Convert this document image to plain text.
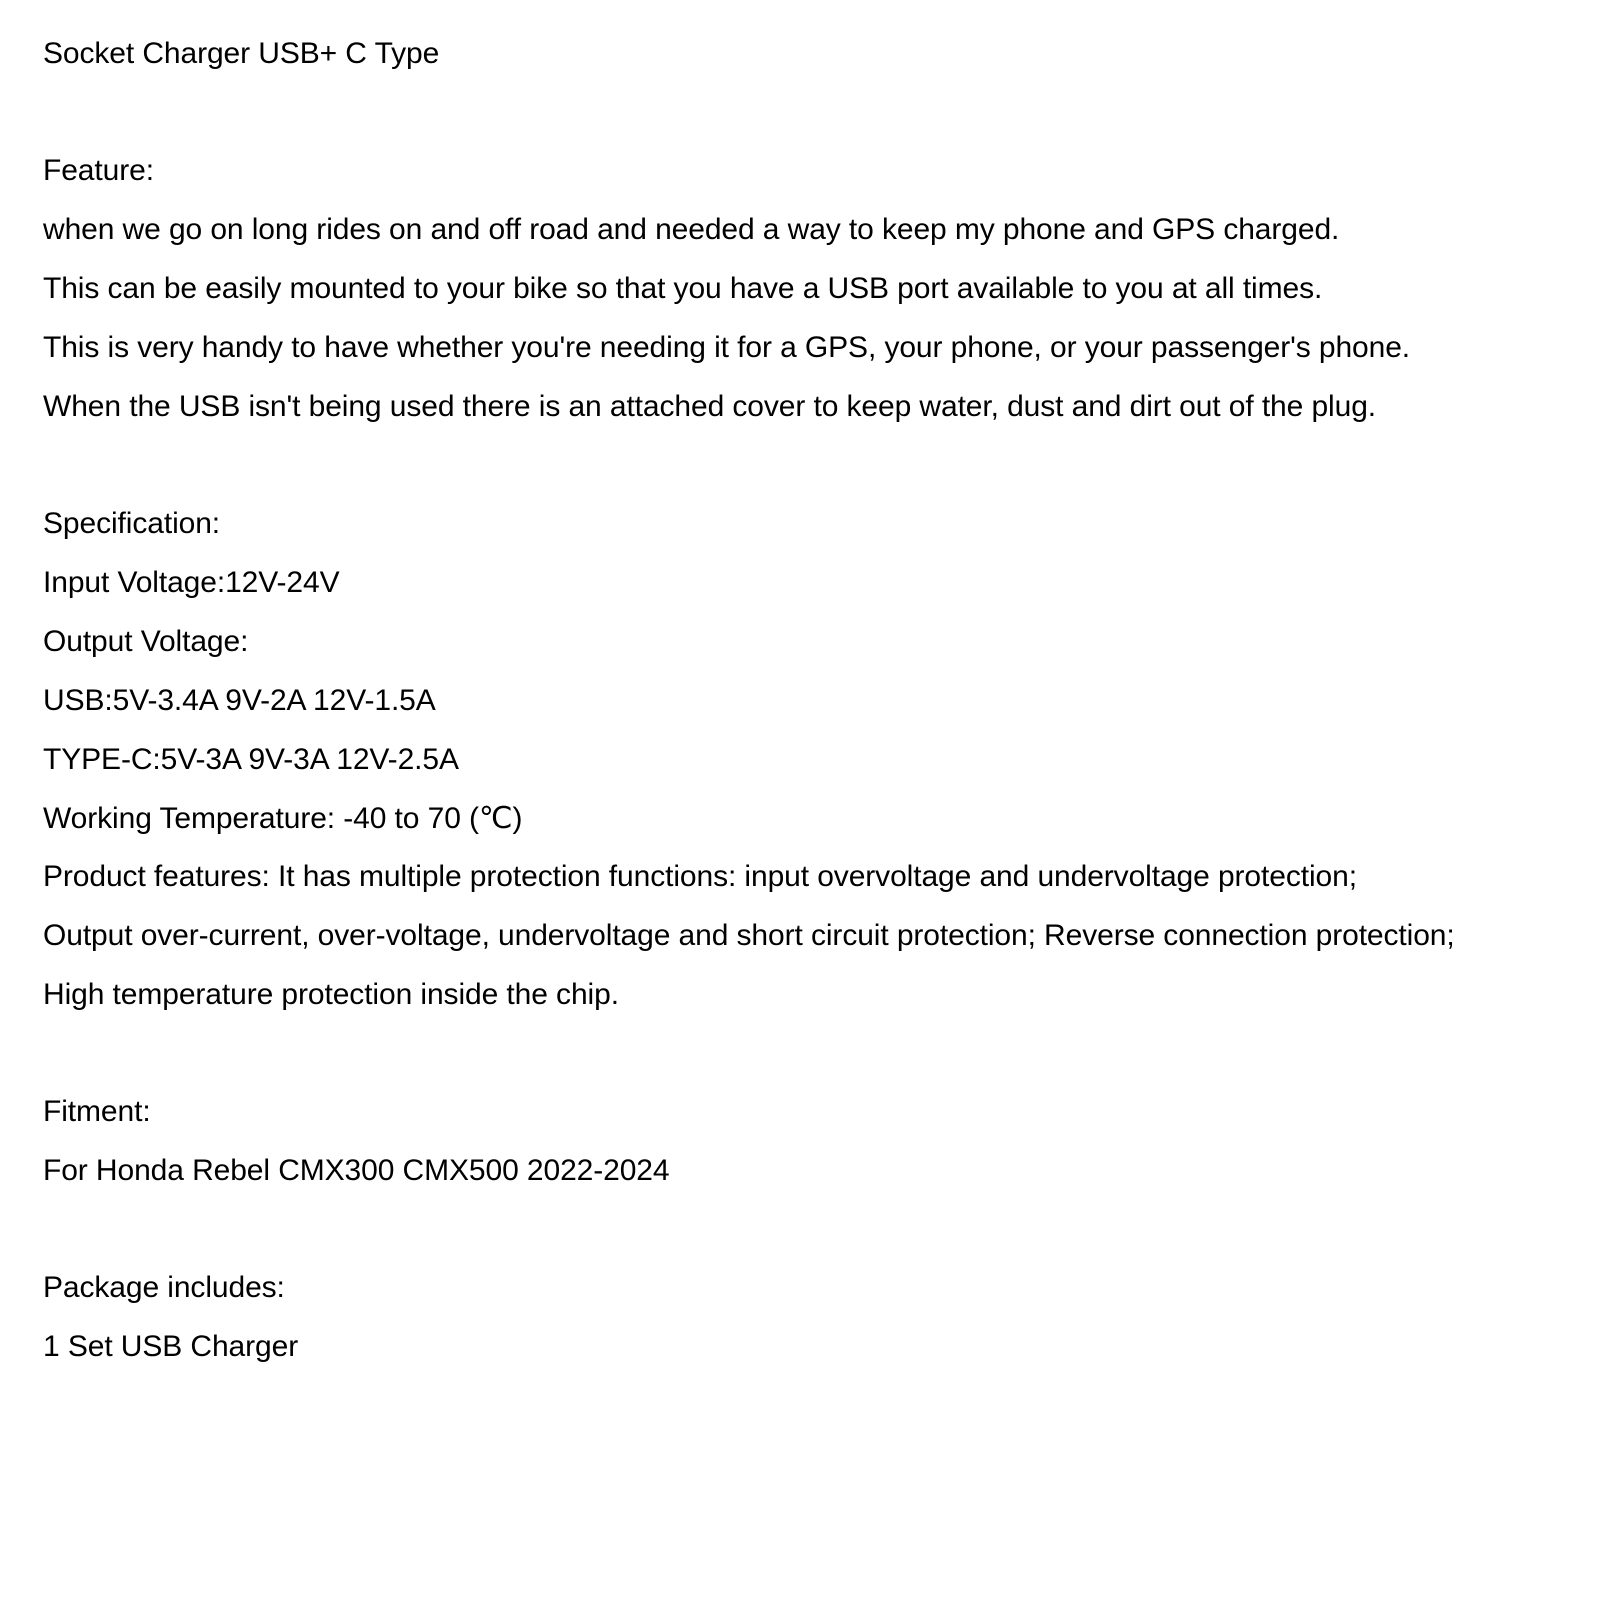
Socket Charger USB+ C Type
Feature:
when we go on long rides on and off road and needed a way to keep my phone and GPS charged.
This can be easily mounted to your bike so that you have a USB port available to you at all times.
This is very handy to have whether you're needing it for a GPS, your phone, or your passenger's phone.
When the USB isn't being used there is an attached cover to keep water, dust and dirt out of the plug.
Specification:
Input Voltage:12V-24V
Output Voltage:
USB:5V-3.4A 9V-2A 12V-1.5A
TYPE-C:5V-3A 9V-3A 12V-2.5A
Working Temperature: -40 to 70 (℃)
Product features: It has multiple protection functions: input overvoltage and undervoltage protection;
Output over-current, over-voltage, undervoltage and short circuit protection; Reverse connection protection;
High temperature protection inside the chip.
Fitment:
For Honda Rebel CMX300 CMX500 2022-2024
Package includes:
1 Set USB Charger
